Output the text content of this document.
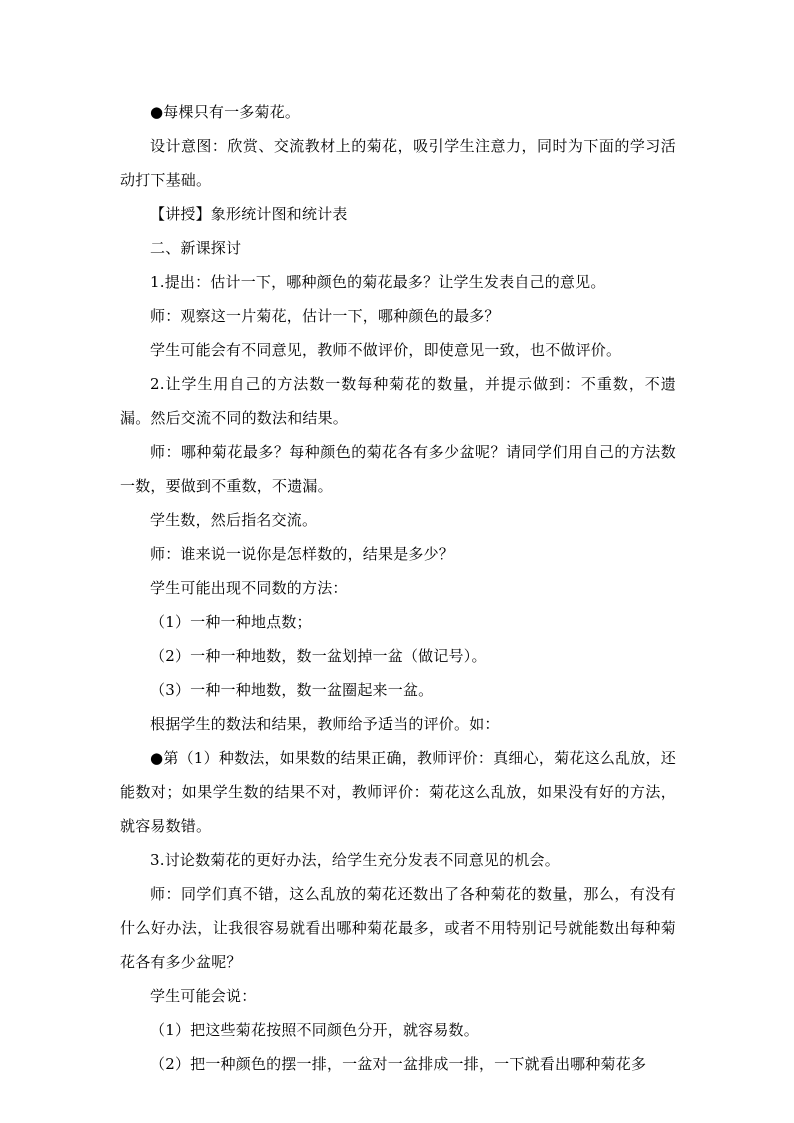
●每棵只有一多菊花。

设计意图：欣赏、交流教材上的菊花，吸引学生注意力，同时为下面的学习活动打下基础。

【讲授】象形统计图和统计表

二、新课探讨

1.提出：估计一下，哪种颜色的菊花最多？让学生发表自己的意见。

师：观察这一片菊花，估计一下，哪种颜色的最多？

学生可能会有不同意见，教师不做评价，即使意见一致，也不做评价。

2.让学生用自己的方法数一数每种菊花的数量，并提示做到：不重数，不遗漏。然后交流不同的数法和结果。

师：哪种菊花最多？每种颜色的菊花各有多少盆呢？请同学们用自己的方法数一数，要做到不重数，不遗漏。

学生数，然后指名交流。

师：谁来说一说你是怎样数的，结果是多少？

学生可能出现不同数的方法：

（1）一种一种地点数；

（2）一种一种地数，数一盆划掉一盆（做记号）。

（3）一种一种地数，数一盆圈起来一盆。

根据学生的数法和结果，教师给予适当的评价。如：

●第（1）种数法，如果数的结果正确，教师评价：真细心，菊花这么乱放，还能数对；如果学生数的结果不对，教师评价：菊花这么乱放，如果没有好的方法，就容易数错。

3.讨论数菊花的更好办法，给学生充分发表不同意见的机会。

师：同学们真不错，这么乱放的菊花还数出了各种菊花的数量，那么，有没有什么好办法，让我很容易就看出哪种菊花最多，或者不用特别记号就能数出每种菊花各有多少盆呢？

学生可能会说：

（1）把这些菊花按照不同颜色分开，就容易数。

（2）把一种颜色的摆一排，一盆对一盆排成一排，一下就看出哪种菊花多
